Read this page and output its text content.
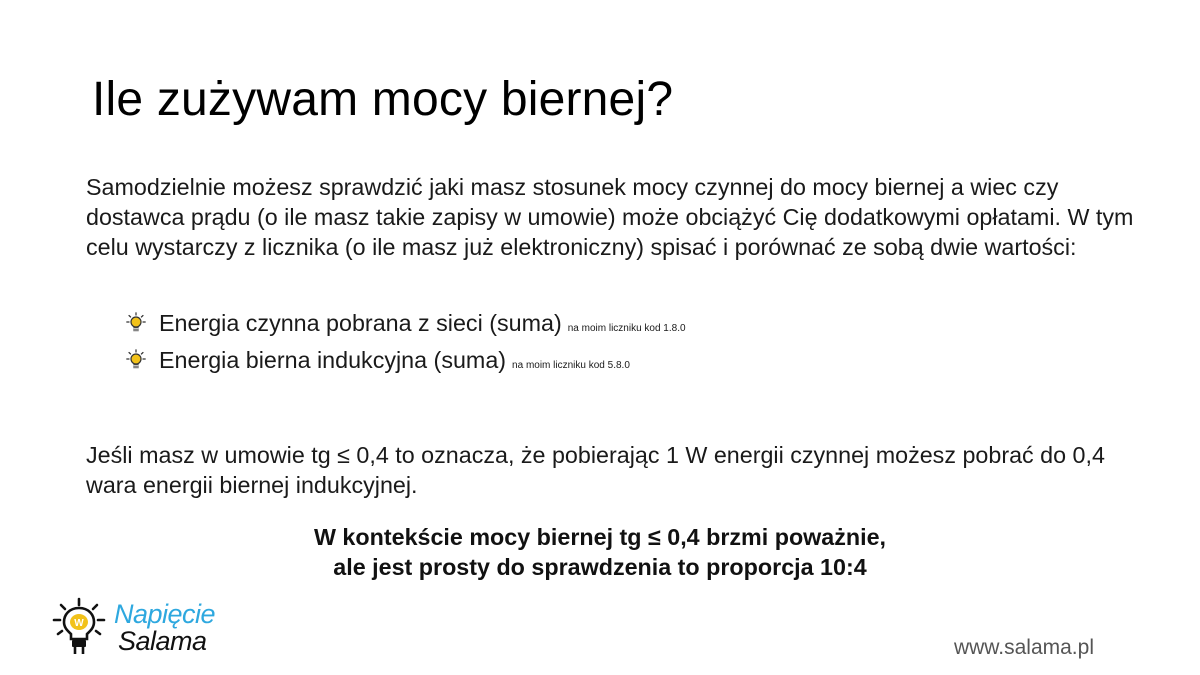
Ile zużywam mocy biernej?

Samodzielnie możesz sprawdzić jaki masz stosunek mocy czynnej do mocy biernej a wiec czy dostawca prądu (o ile masz takie zapisy w umowie) może obciążyć Cię dodatkowymi opłatami. W tym celu wystarczy z licznika (o ile masz już elektroniczny) spisać i porównać ze sobą dwie wartości:

Energia czynna pobrana z sieci (suma) na moim liczniku kod 1.8.0
Energia bierna indukcyjna (suma) na moim liczniku kod 5.8.0

Jeśli masz w umowie tg ≤ 0,4 to oznacza, że pobierając 1 W energii czynnej możesz pobrać do 0,4 wara energii biernej indukcyjnej.

W kontekście mocy biernej tg ≤ 0,4 brzmi poważnie,
ale jest prosty do sprawdzenia to proporcja 10:4

W Napięcie
Salama	www.salama.pl
